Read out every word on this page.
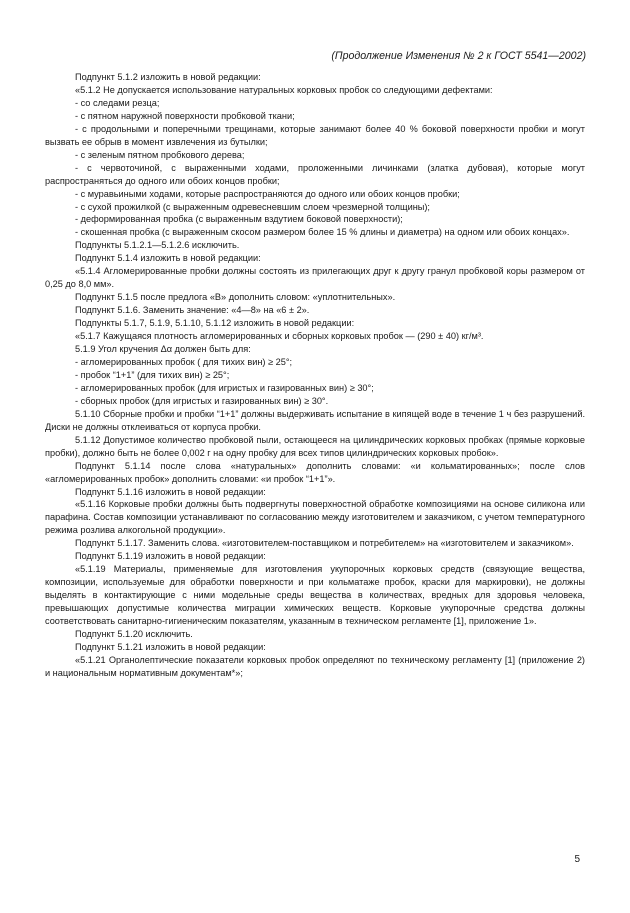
(Продолжение Изменения № 2 к ГОСТ 5541—2002)

Подпункт 5.1.2 изложить в новой редакции:

«5.1.2 Не допускается использование натуральных корковых пробок со следующими дефектами:

- со следами резца;

- с пятном наружной поверхности пробковой ткани;

- с продольными и поперечными трещинами, которые занимают более 40 % боковой поверхности пробки и могут вызвать ее обрыв в момент извлечения из бутылки;

- с зеленым пятном пробкового дерева;

- с червоточиной, с выраженными ходами, проложенными личинками (златка дубовая), которые могут распространяться до одного или обоих концов пробки;

- с муравьиными ходами, которые распространяются до одного или обоих концов пробки;

- с сухой прожилкой (с выраженным одревесневшим слоем чрезмерной толщины);

- деформированная пробка (с выраженным вздутием боковой поверхности);

- скошенная пробка (с выраженным скосом размером более 15 % длины и диаметра) на одном или обоих концах».

Подпункты 5.1.2.1—5.1.2.6 исключить.

Подпункт 5.1.4 изложить в новой редакции:

«5.1.4 Агломерированные пробки должны состоять из прилегающих друг к другу гранул пробковой коры размером от 0,25 до 8,0 мм».

Подпункт 5.1.5 после предлога «В» дополнить словом: «уплотнительных».

Подпункт 5.1.6. Заменить значение: «4—8» на «6 ± 2».

Подпункты 5.1.7, 5.1.9, 5.1.10, 5.1.12 изложить в новой редакции:

«5.1.7 Кажущаяся плотность агломерированных и сборных корковых пробок — (290 ± 40) кг/м³.

5.1.9 Угол кручения Δα должен быть для:

- агломерированных пробок ( для тихих вин) ≥ 25°;

- пробок “1+1” (для тихих вин) ≥ 25°;

- агломерированных пробок (для игристых и газированных вин) ≥ 30°;

- сборных пробок (для игристых и газированных вин) ≥ 30°.

5.1.10 Сборные пробки и пробки “1+1” должны выдерживать испытание в кипящей воде в течение 1 ч без разрушений. Диски не должны отклеиваться от корпуса пробки.

5.1.12 Допустимое количество пробковой пыли, остающееся на цилиндрических корковых пробках (прямые корковые пробки), должно быть не более 0,002 г на одну пробку для всех типов цилиндрических корковых пробок».

Подпункт 5.1.14 после слова «натуральных» дополнить словами: «и кольматированных»; после слов «агломерированных пробок» дополнить словами: «и пробок “1+1”».

Подпункт 5.1.16 изложить в новой редакции:

«5.1.16 Корковые пробки должны быть подвергнуты поверхностной обработке композициями на основе силикона или парафина. Состав композиции устанавливают по согласованию между изготовителем и заказчиком, с учетом температурного режима розлива алкогольной продукции».

Подпункт 5.1.17. Заменить слова. «изготовителем-поставщиком и потребителем» на «изготовителем и заказчиком».

Подпункт 5.1.19 изложить в новой редакции:

«5.1.19 Материалы, применяемые для изготовления укупорочных корковых средств (связующие вещества, композиции, используемые для обработки поверхности и при кольматаже пробок, краски для маркировки), не должны выделять в контактирующие с ними модельные среды вещества в количествах, вредных для здоровья человека, превышающих допустимые количества миграции химических веществ. Корковые укупорочные средства должны соответствовать санитарно-гигиеническим показателям, указанным в техническом регламенте [1], приложение 1».

Подпункт 5.1.20 исключить.

Подпункт 5.1.21 изложить в новой редакции:

«5.1.21 Органолептические показатели корковых пробок определяют по техническому регламенту [1] (приложение 2) и национальным нормативным документам*»;

5
